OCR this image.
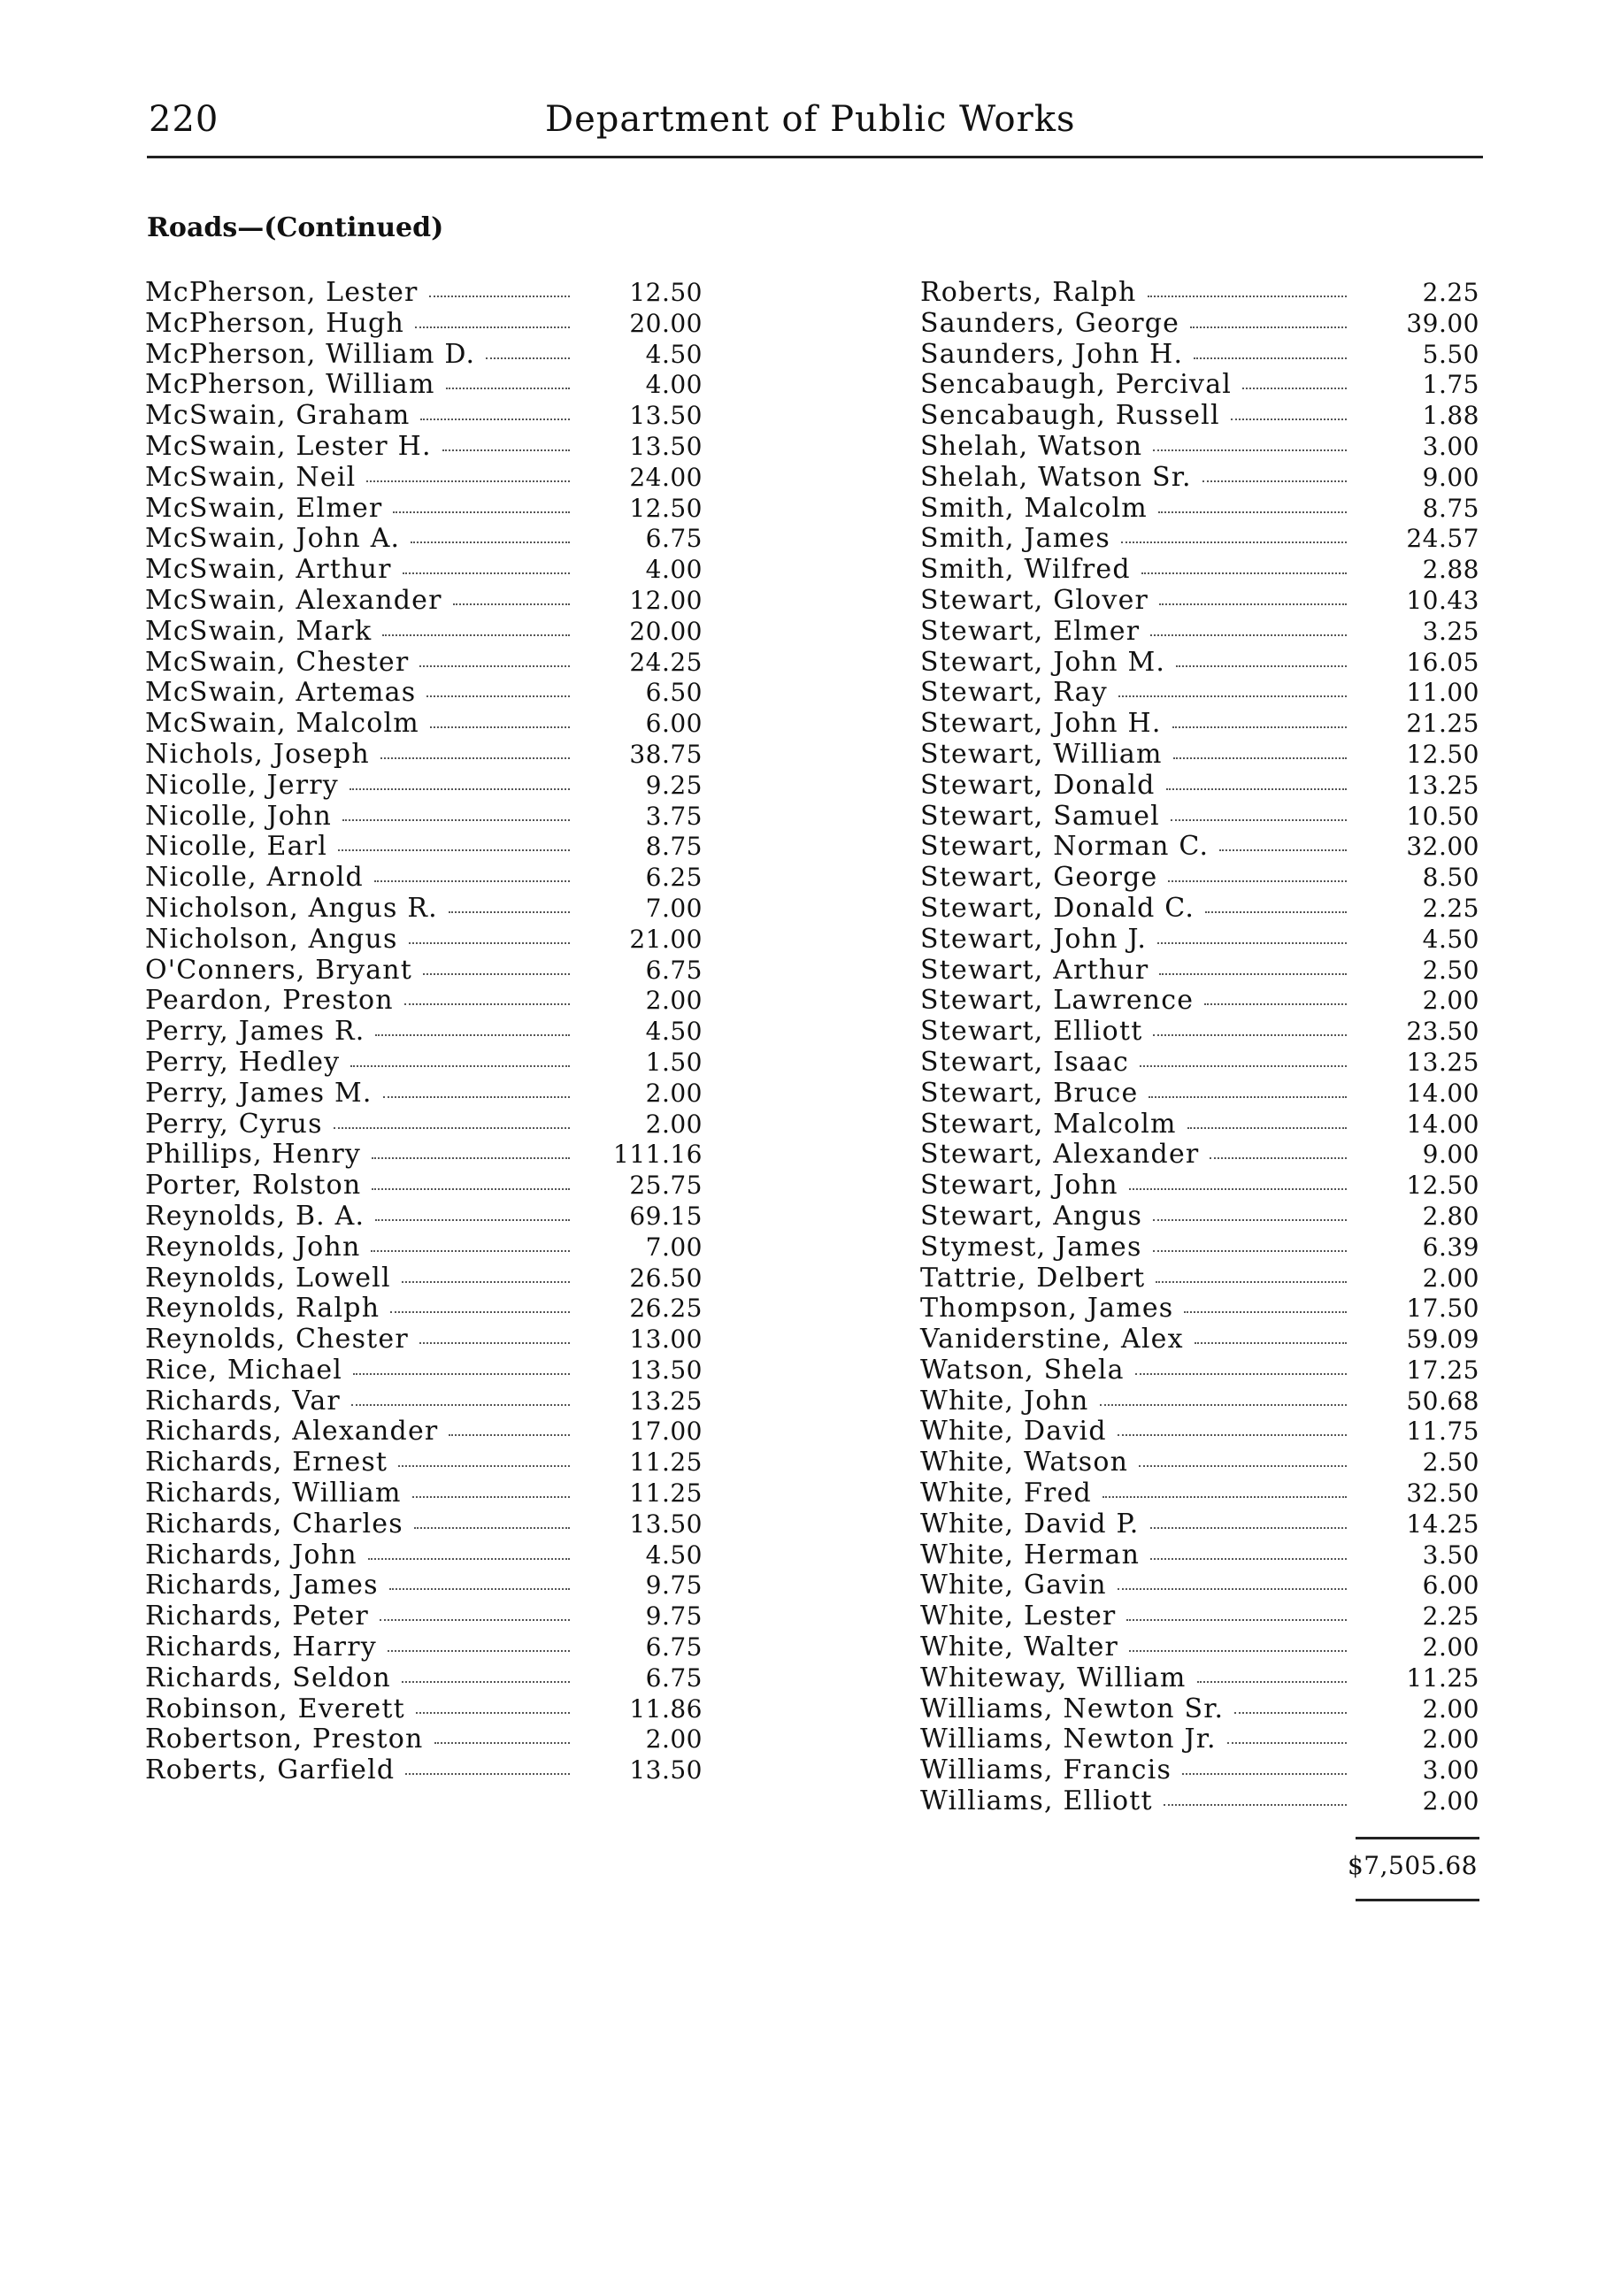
220	Department of Public Works
Roads—(Continued)
McPherson, Lester	12.50
McPherson, Hugh	20.00
McPherson, William D.	4.50
McPherson, William	4.00
McSwain, Graham	13.50
McSwain, Lester H.	13.50
McSwain, Neil	24.00
McSwain, Elmer	12.50
McSwain, John A.	6.75
McSwain, Arthur	4.00
McSwain, Alexander	12.00
McSwain, Mark	20.00
McSwain, Chester	24.25
McSwain, Artemas	6.50
McSwain, Malcolm	6.00
Nichols, Joseph	38.75
Nicolle, Jerry	9.25
Nicolle, John	3.75
Nicolle, Earl	8.75
Nicolle, Arnold	6.25
Nicholson, Angus R.	7.00
Nicholson, Angus	21.00
O'Conners, Bryant	6.75
Peardon, Preston	2.00
Perry, James R.	4.50
Perry, Hedley	1.50
Perry, James M.	2.00
Perry, Cyrus	2.00
Phillips, Henry	111.16
Porter, Rolston	25.75
Reynolds, B. A.	69.15
Reynolds, John	7.00
Reynolds, Lowell	26.50
Reynolds, Ralph	26.25
Reynolds, Chester	13.00
Rice, Michael	13.50
Richards, Var	13.25
Richards, Alexander	17.00
Richards, Ernest	11.25
Richards, William	11.25
Richards, Charles	13.50
Richards, John	4.50
Richards, James	9.75
Richards, Peter	9.75
Richards, Harry	6.75
Richards, Seldon	6.75
Robinson, Everett	11.86
Robertson, Preston	2.00
Roberts, Garfield	13.50
Roberts, Ralph	2.25
Saunders, George	39.00
Saunders, John H.	5.50
Sencabaugh, Percival	1.75
Sencabaugh, Russell	1.88
Shelah, Watson	3.00
Shelah, Watson Sr.	9.00
Smith, Malcolm	8.75
Smith, James	24.57
Smith, Wilfred	2.88
Stewart, Glover	10.43
Stewart, Elmer	3.25
Stewart, John M.	16.05
Stewart, Ray	11.00
Stewart, John H.	21.25
Stewart, William	12.50
Stewart, Donald	13.25
Stewart, Samuel	10.50
Stewart, Norman C.	32.00
Stewart, George	8.50
Stewart, Donald C.	2.25
Stewart, John J.	4.50
Stewart, Arthur	2.50
Stewart, Lawrence	2.00
Stewart, Elliott	23.50
Stewart, Isaac	13.25
Stewart, Bruce	14.00
Stewart, Malcolm	14.00
Stewart, Alexander	9.00
Stewart, John	12.50
Stewart, Angus	2.80
Stymest, James	6.39
Tattrie, Delbert	2.00
Thompson, James	17.50
Vaniderstine, Alex	59.09
Watson, Shela	17.25
White, John	50.68
White, David	11.75
White, Watson	2.50
White, Fred	32.50
White, David P.	14.25
White, Herman	3.50
White, Gavin	6.00
White, Lester	2.25
White, Walter	2.00
Whiteway, William	11.25
Williams, Newton Sr.	2.00
Williams, Newton Jr.	2.00
Williams, Francis	3.00
Williams, Elliott	2.00
$7,505.68
